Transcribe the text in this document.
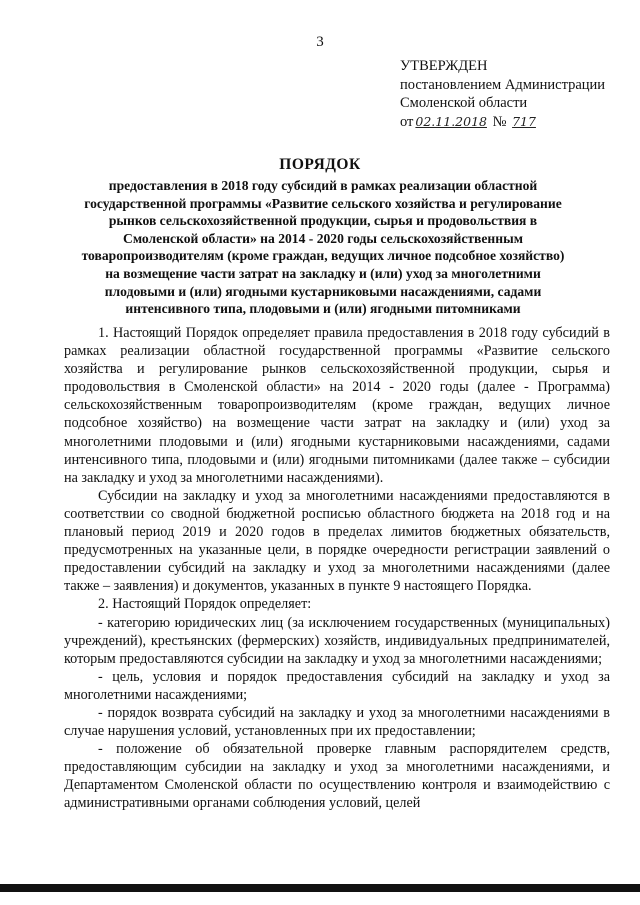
3
УТВЕРЖДЕН
постановлением Администрации
Смоленской области
от 02.11.2018 № 717
ПОРЯДОК
предоставления в 2018 году субсидий в рамках реализации областной
государственной программы «Развитие сельского хозяйства и регулирование
рынков сельскохозяйственной продукции, сырья и продовольствия в
Смоленской области» на 2014 - 2020 годы сельскохозяйственным
товаропроизводителям (кроме граждан, ведущих личное подсобное хозяйство)
на возмещение части затрат на закладку и (или) уход за многолетними
плодовыми и (или) ягодными кустарниковыми насаждениями, садами
интенсивного типа, плодовыми и (или) ягодными питомниками

1. Настоящий Порядок определяет правила предоставления в 2018 году субсидий в рамках реализации областной государственной программы «Развитие сельского хозяйства и регулирование рынков сельскохозяйственной продукции, сырья и продовольствия в Смоленской области» на 2014 - 2020 годы (далее - Программа) сельскохозяйственным товаропроизводителям (кроме граждан, ведущих личное подсобное хозяйство) на возмещение части затрат на закладку и (или) уход за многолетними плодовыми и (или) ягодными кустарниковыми насаждениями, садами интенсивного типа, плодовыми и (или) ягодными питомниками (далее также – субсидии на закладку и уход за многолетними насаждениями).

Субсидии на закладку и уход за многолетними насаждениями предоставляются в соответствии со сводной бюджетной росписью областного бюджета на 2018 год и на плановый период 2019 и 2020 годов в пределах лимитов бюджетных обязательств, предусмотренных на указанные цели, в порядке очередности регистрации заявлений о предоставлении субсидий на закладку и уход за многолетними насаждениями (далее также – заявления) и документов, указанных в пункте 9 настоящего Порядка.

2. Настоящий Порядок определяет:

- категорию юридических лиц (за исключением государственных (муниципальных) учреждений), крестьянских (фермерских) хозяйств, индивидуальных предпринимателей, которым предоставляются субсидии на закладку и уход за многолетними насаждениями;

- цель, условия и порядок предоставления субсидий на закладку и уход за многолетними насаждениями;

- порядок возврата субсидий на закладку и уход за многолетними насаждениями в случае нарушения условий, установленных при их предоставлении;

- положение об обязательной проверке главным распорядителем средств, предоставляющим субсидии на закладку и уход за многолетними насаждениями, и Департаментом Смоленской области по осуществлению контроля и взаимодействию с административными органами соблюдения условий, целей
